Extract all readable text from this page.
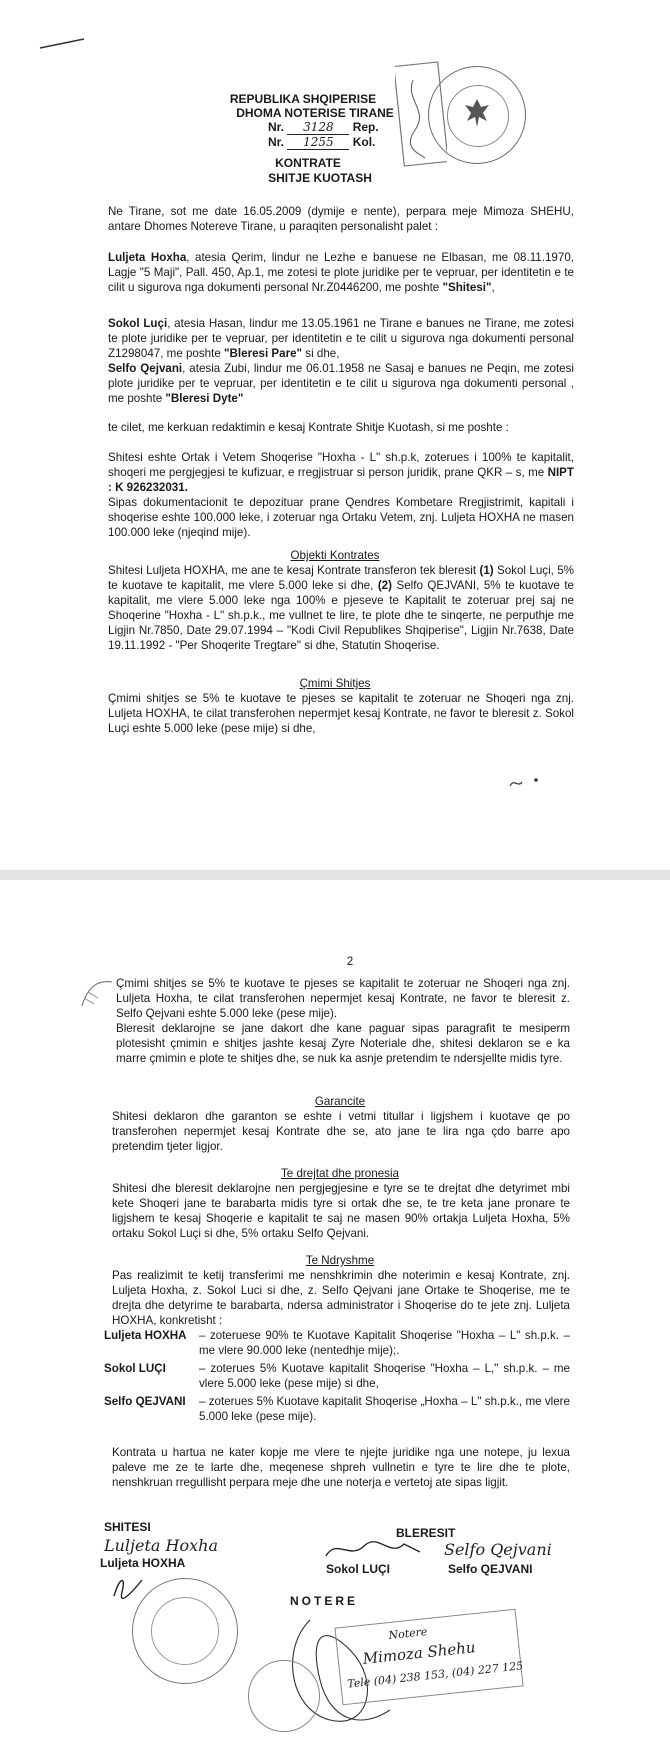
REPUBLIKA SHQIPERISE
DHOMA NOTERISE TIRANE
Nr. 3128 Rep.
Nr. 1255 Kol.
KONTRATE
SHITJE KUOTASH
Ne Tirane, sot me date 16.05.2009 (dymije e nente), perpara meje Mimoza SHEHU, antare Dhomes Notereve Tirane, u paraqiten personalisht palet :
Luljeta Hoxha, atesia Qerim, lindur ne Lezhe e banuese ne Elbasan, me 08.11.1970, Lagje "5 Maji", Pall. 450, Ap.1, me zotesi te plote juridike per te vepruar, per identitetin e te cilit u sigurova nga dokumenti personal Nr.Z0446200, me poshte "Shitesi",
Sokol Luçi, atesia Hasan, lindur me 13.05.1961 ne Tirane e banues ne Tirane, me zotesi te plote juridike per te vepruar, per identitetin e te cilit u sigurova nga dokumenti personal Z1298047, me poshte "Bleresi Pare" si dhe,
Selfo Qejvani, atesia Zubi, lindur me 06.01.1958 ne Sasaj e banues ne Peqin, me zotesi plote juridike per te vepruar, per identitetin e te cilit u sigurova nga dokumenti personal , me poshte "Bleresi Dyte"
te cilet, me kerkuan redaktimin e kesaj Kontrate Shitje Kuotash, si me poshte :
Shitesi eshte Ortak i Vetem Shoqerise "Hoxha - L" sh.p.k, zoterues i 100% te kapitalit, shoqeri me pergjegjesi te kufizuar, e rregjistruar si person juridik, prane QKR – s, me NIPT : K 926232031.
Sipas dokumentacionit te depozituar prane Qendres Kombetare Rregjistrimit, kapitali i shoqerise eshte 100.000 leke, i zoteruar nga Ortaku Vetem, znj. Luljeta HOXHA ne masen 100.000 leke (njeqind mije).
Objekti Kontrates
Shitesi Luljeta HOXHA, me ane te kesaj Kontrate transferon tek bleresit (1) Sokol Luçi, 5% te kuotave te kapitalit, me vlere 5.000 leke si dhe, (2) Selfo QEJVANI, 5% te kuotave te kapitalit, me vlere 5.000 leke nga 100% e pjeseve te Kapitalit te zoteruar prej saj ne Shoqerine "Hoxha - L" sh.p.k., me vullnet te lire, te plote dhe te sinqerte, ne perputhje me Ligjin Nr.7850, Date 29.07.1994 – "Kodi Civil Republikes Shqiperise", Ligjin Nr.7638, Date 19.11.1992 - "Per Shoqerite Tregtare" si dhe, Statutin Shoqerise.
Çmimi Shitjes
Çmimi shitjes se 5% te kuotave te pjeses se kapitalit te zoteruar ne Shoqeri nga znj. Luljeta HOXHA, te cilat transferohen nepermjet kesaj Kontrate, ne favor te bleresit z. Sokol Luçi eshte 5.000 leke (pese mije) si dhe,
2
Çmimi shitjes se 5% te kuotave te pjeses se kapitalit te zoteruar ne Shoqeri nga znj. Luljeta Hoxha, te cilat transferohen nepermjet kesaj Kontrate, ne favor te bleresit z. Selfo Qejvani eshte 5.000 leke (pese mije).
Bleresit deklarojne se jane dakort dhe kane paguar sipas paragrafit te mesiperm plotesisht çmimin e shitjes jashte kesaj Zyre Noteriale dhe, shitesi deklaron se e ka marre çmimin e plote te shitjes dhe, se nuk ka asnje pretendim te ndersjellte midis tyre.
Garancite
Shitesi deklaron dhe garanton se eshte i vetmi titullar i ligjshem i kuotave qe po transferohen nepermjet kesaj Kontrate dhe se, ato jane te lira nga çdo barre apo pretendim tjeter ligjor.
Te drejtat dhe pronesia
Shitesi dhe bleresit deklarojne nen pergjegjesine e tyre se te drejtat dhe detyrimet mbi kete Shoqeri jane te barabarta midis tyre si ortak dhe se, te tre keta jane pronare te ligjshem te kesaj Shoqerie e kapitalit te saj ne masen 90% ortakja Luljeta Hoxha, 5% ortaku Sokol Luçi si dhe, 5% ortaku Selfo Qejvani.
Te Ndryshme
Pas realizimit te ketij transferimi me nenshkrimin dhe noterimin e kesaj Kontrate, znj. Luljeta Hoxha, z. Sokol Luci si dhe, z. Selfo Qejvani jane Ortake te Shoqerise, me te drejta dhe detyrime te barabarta, ndersa administrator i Shoqerise do te jete znj. Luljeta HOXHA, konkretisht :
Luljeta HOXHA	– zoteruese 90% te Kuotave Kapitalit Shoqerise "Hoxha – L" sh.p.k. – me vlere 90.000 leke (nentedhje mije);.
Sokol LUÇI	– zoterues 5% Kuotave kapitalit Shoqerise "Hoxha – L," sh.p.k. – me vlere 5.000 leke (pese mije) si dhe,
Selfo QEJVANI	– zoterues 5% Kuotave kapitalit Shoqerise „Hoxha – L" sh.p.k., me vlere 5.000 leke (pese mije).
Kontrata u hartua ne kater kopje me vlere te njejte juridike nga une noteре, ju lexua paleve me ze te larte dhe, meqenese shpreh vullnetin e tyre te lire dhe te plote, nenshkruan rregullisht perpara meje dhe une noterja e vertetoj ate sipas ligjit.
SHITESI
Luljeta Hoxha
Luljeta HOXHA
BLERESIT
Sokol LUÇI
Selfo Qejvani
Selfo QEJVANI
NOTERE
Notere
Mimoza Shehu
Tele (04) 238 153, (04) 227 125
